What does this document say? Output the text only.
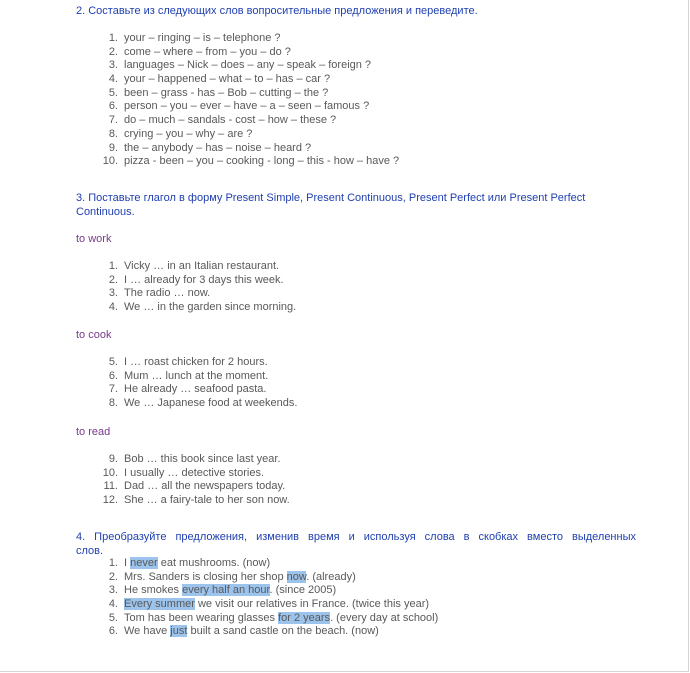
2. Составьте из следующих слов вопросительные предложения и переведите.
1. your – ringing – is – telephone ?
2. come – where – from – you – do ?
3. languages – Nick – does – any – speak – foreign ?
4. your – happened – what – to – has – car ?
5. been – grass - has – Bob – cutting – the ?
6. person – you – ever – have – a – seen – famous ?
7. do – much – sandals - cost – how – these ?
8. crying – you – why – are ?
9. the – anybody – has – noise – heard ?
10. pizza - been – you – cooking - long – this - how – have ?
3. Поставьте глагол в форму Present Simple, Present Continuous, Present Perfect или Present Perfect
Continuous.
to work
1. Vicky … in an Italian restaurant.
2. I … already for 3 days this week.
3. The radio … now.
4. We … in the garden since morning.
to cook
5. I … roast chicken for 2 hours.
6. Mum … lunch at the moment.
7. He already … seafood pasta.
8. We … Japanese food at weekends.
to read
9. Bob … this book since last year.
10. I usually … detective stories.
11. Dad … all the newspapers today.
12. She … a fairy-tale to her son now.
4. Преобразуйте предложения, изменив время и используя слова в скобках вместо выделенных
слов.
1. I never eat mushrooms. (now)
2. Mrs. Sanders is closing her shop now. (already)
3. He smokes every half an hour. (since 2005)
4. Every summer we visit our relatives in France. (twice this year)
5. Tom has been wearing glasses for 2 years. (every day at school)
6. We have just built a sand castle on the beach. (now)
